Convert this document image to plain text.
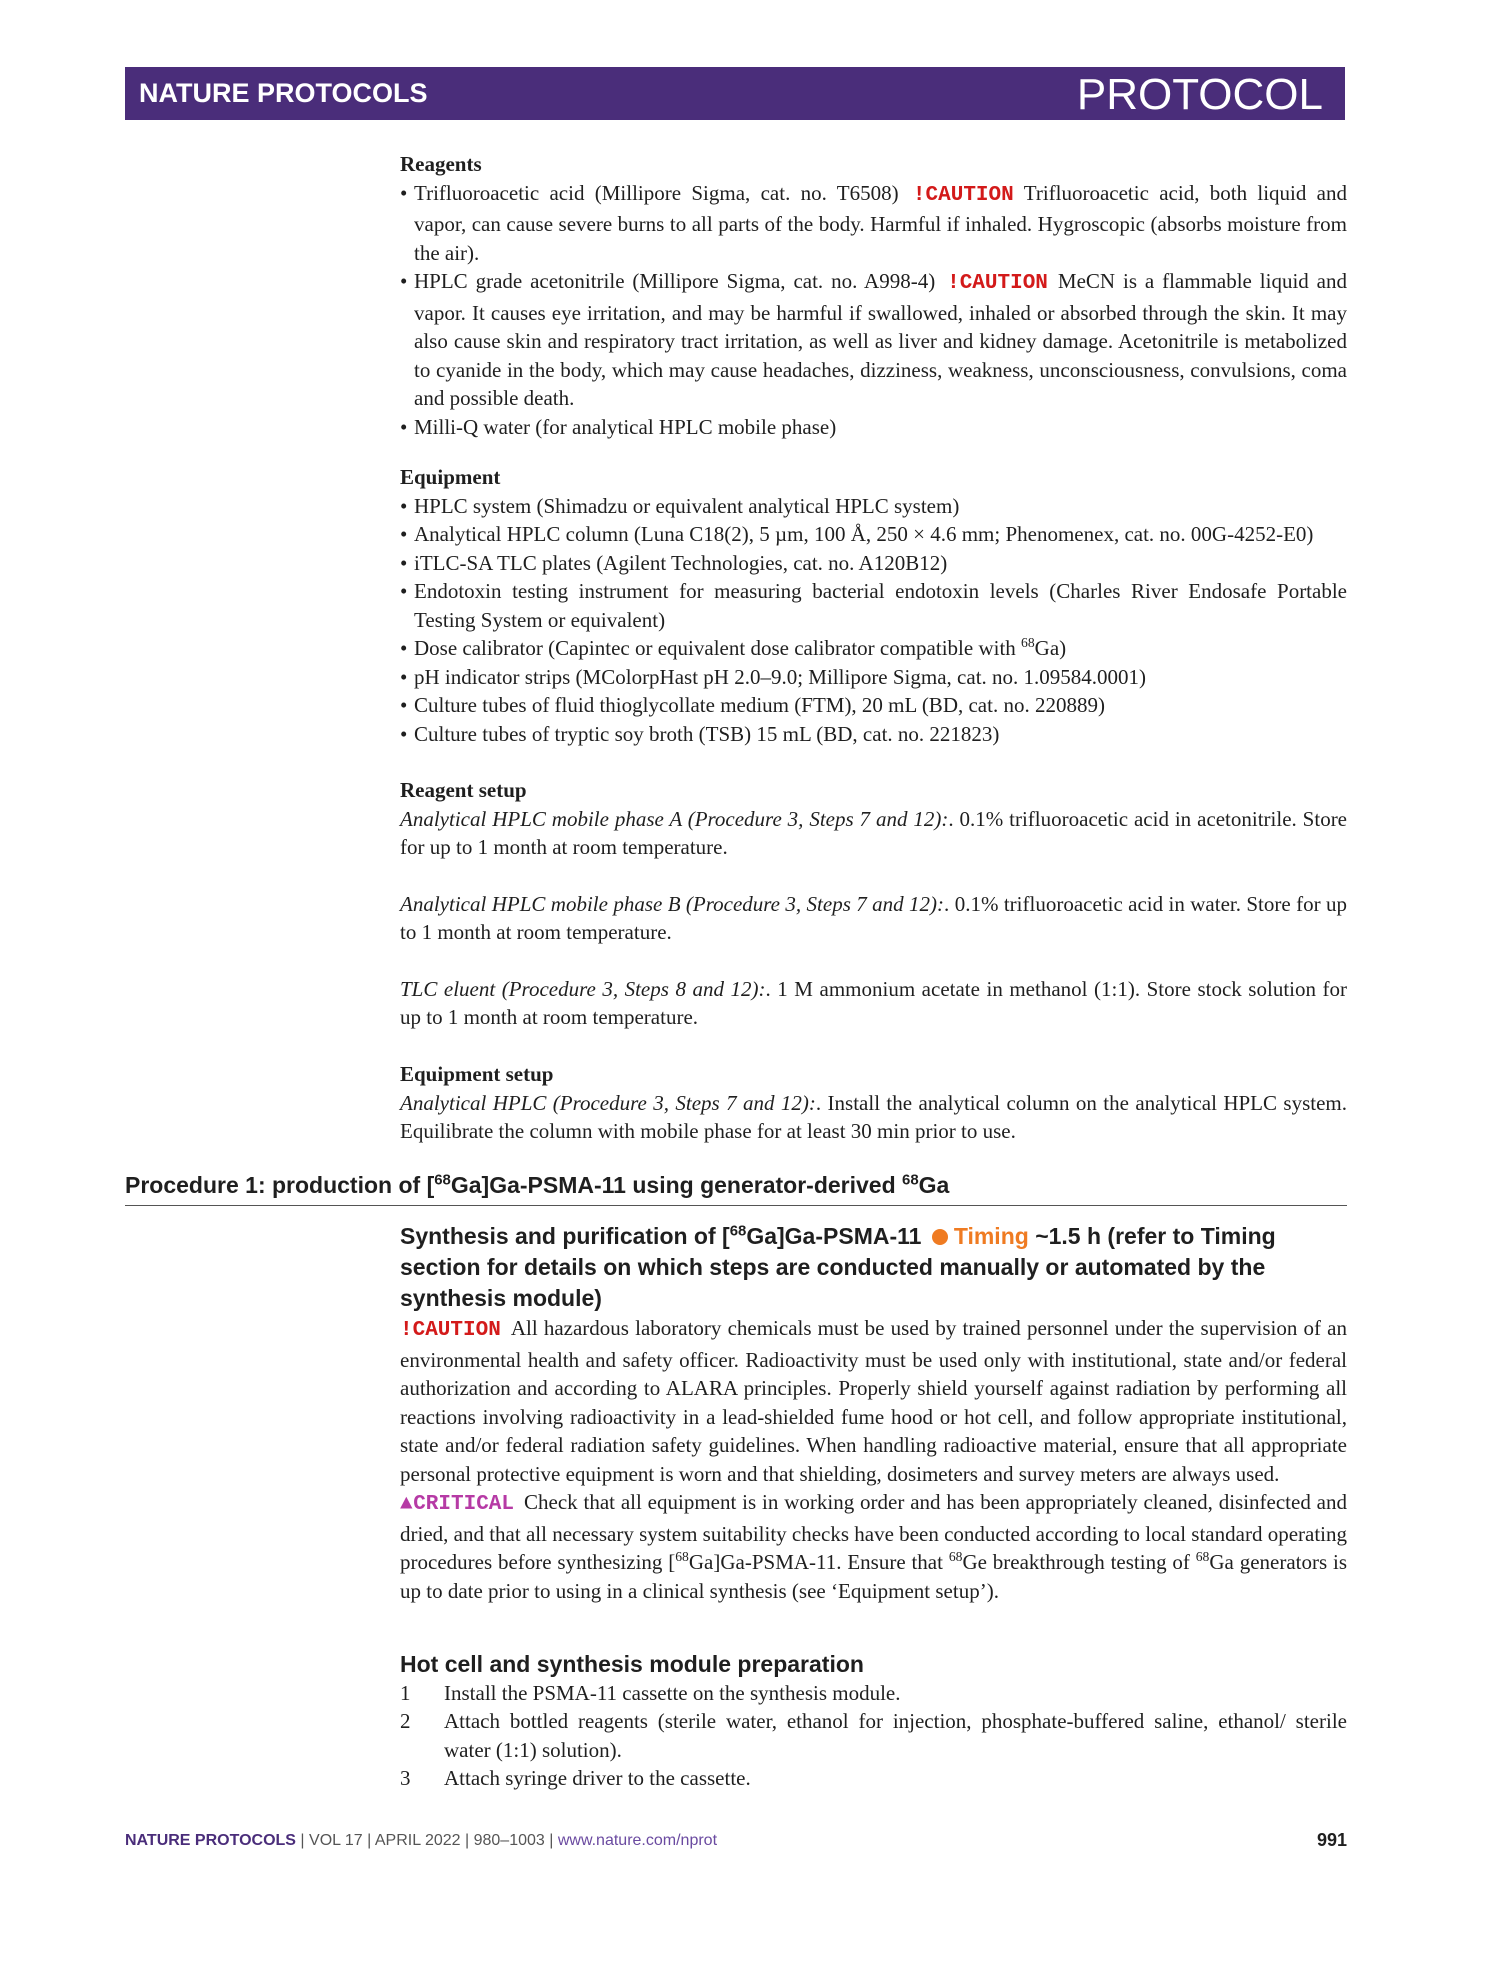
NATURE PROTOCOLS	PROTOCOL
Reagents
• Trifluoroacetic acid (Millipore Sigma, cat. no. T6508) !CAUTION Trifluoroacetic acid, both liquid and vapor, can cause severe burns to all parts of the body. Harmful if inhaled. Hygroscopic (absorbs moisture from the air).
• HPLC grade acetonitrile (Millipore Sigma, cat. no. A998-4) !CAUTION MeCN is a flammable liquid and vapor. It causes eye irritation, and may be harmful if swallowed, inhaled or absorbed through the skin. It may also cause skin and respiratory tract irritation, as well as liver and kidney damage. Acetonitrile is metabolized to cyanide in the body, which may cause headaches, dizziness, weakness, unconsciousness, convulsions, coma and possible death.
• Milli-Q water (for analytical HPLC mobile phase)
Equipment
• HPLC system (Shimadzu or equivalent analytical HPLC system)
• Analytical HPLC column (Luna C18(2), 5 µm, 100 Å, 250 × 4.6 mm; Phenomenex, cat. no. 00G-4252-E0)
• iTLC-SA TLC plates (Agilent Technologies, cat. no. A120B12)
• Endotoxin testing instrument for measuring bacterial endotoxin levels (Charles River Endosafe Portable Testing System or equivalent)
• Dose calibrator (Capintec or equivalent dose calibrator compatible with $^{68}$Ga)
• pH indicator strips (MColorpHast pH 2.0–9.0; Millipore Sigma, cat. no. 1.09584.0001)
• Culture tubes of fluid thioglycollate medium (FTM), 20 mL (BD, cat. no. 220889)
• Culture tubes of tryptic soy broth (TSB) 15 mL (BD, cat. no. 221823)
Reagent setup

Analytical HPLC mobile phase A (Procedure 3, Steps 7 and 12):. 0.1% trifluoroacetic acid in acetonitrile. Store for up to 1 month at room temperature.

Analytical HPLC mobile phase B (Procedure 3, Steps 7 and 12):. 0.1% trifluoroacetic acid in water. Store for up to 1 month at room temperature.

TLC eluent (Procedure 3, Steps 8 and 12):. 1 M ammonium acetate in methanol (1:1). Store stock solution for up to 1 month at room temperature.

Equipment setup

Analytical HPLC (Procedure 3, Steps 7 and 12):. Install the analytical column on the analytical HPLC system. Equilibrate the column with mobile phase for at least 30 min prior to use.

Procedure 1: production of [$^{68}$Ga]Ga-PSMA-11 using generator-derived $^{68}$Ga
Synthesis and purification of [$^{68}$Ga]Ga-PSMA-11 Timing ~1.5 h (refer to Timing section for details on which steps are conducted manually or automated by the synthesis module)

!CAUTION All hazardous laboratory chemicals must be used by trained personnel under the supervision of an environmental health and safety officer. Radioactivity must be used only with institutional, state and/or federal authorization and according to ALARA principles. Properly shield yourself against radiation by performing all reactions involving radioactivity in a lead-shielded fume hood or hot cell, and follow appropriate institutional, state and/or federal radiation safety guidelines. When handling radioactive material, ensure that all appropriate personal protective equipment is worn and that shielding, dosimeters and survey meters are always used.

▲CRITICAL Check that all equipment is in working order and has been appropriately cleaned, disinfected and dried, and that all necessary system suitability checks have been conducted according to local standard operating procedures before synthesizing [$^{68}$Ga]Ga-PSMA-11. Ensure that $^{68}$Ge breakthrough testing of $^{68}$Ga generators is up to date prior to using in a clinical synthesis (see ‘Equipment setup’).

Hot cell and synthesis module preparation
1 Install the PSMA-11 cassette on the synthesis module.
2 Attach bottled reagents (sterile water, ethanol for injection, phosphate-buffered saline, ethanol/ sterile water (1:1) solution).
3 Attach syringe driver to the cassette.
NATURE PROTOCOLS | VOL 17 | APRIL 2022 | 980–1003 | www.nature.com/nprot	991
